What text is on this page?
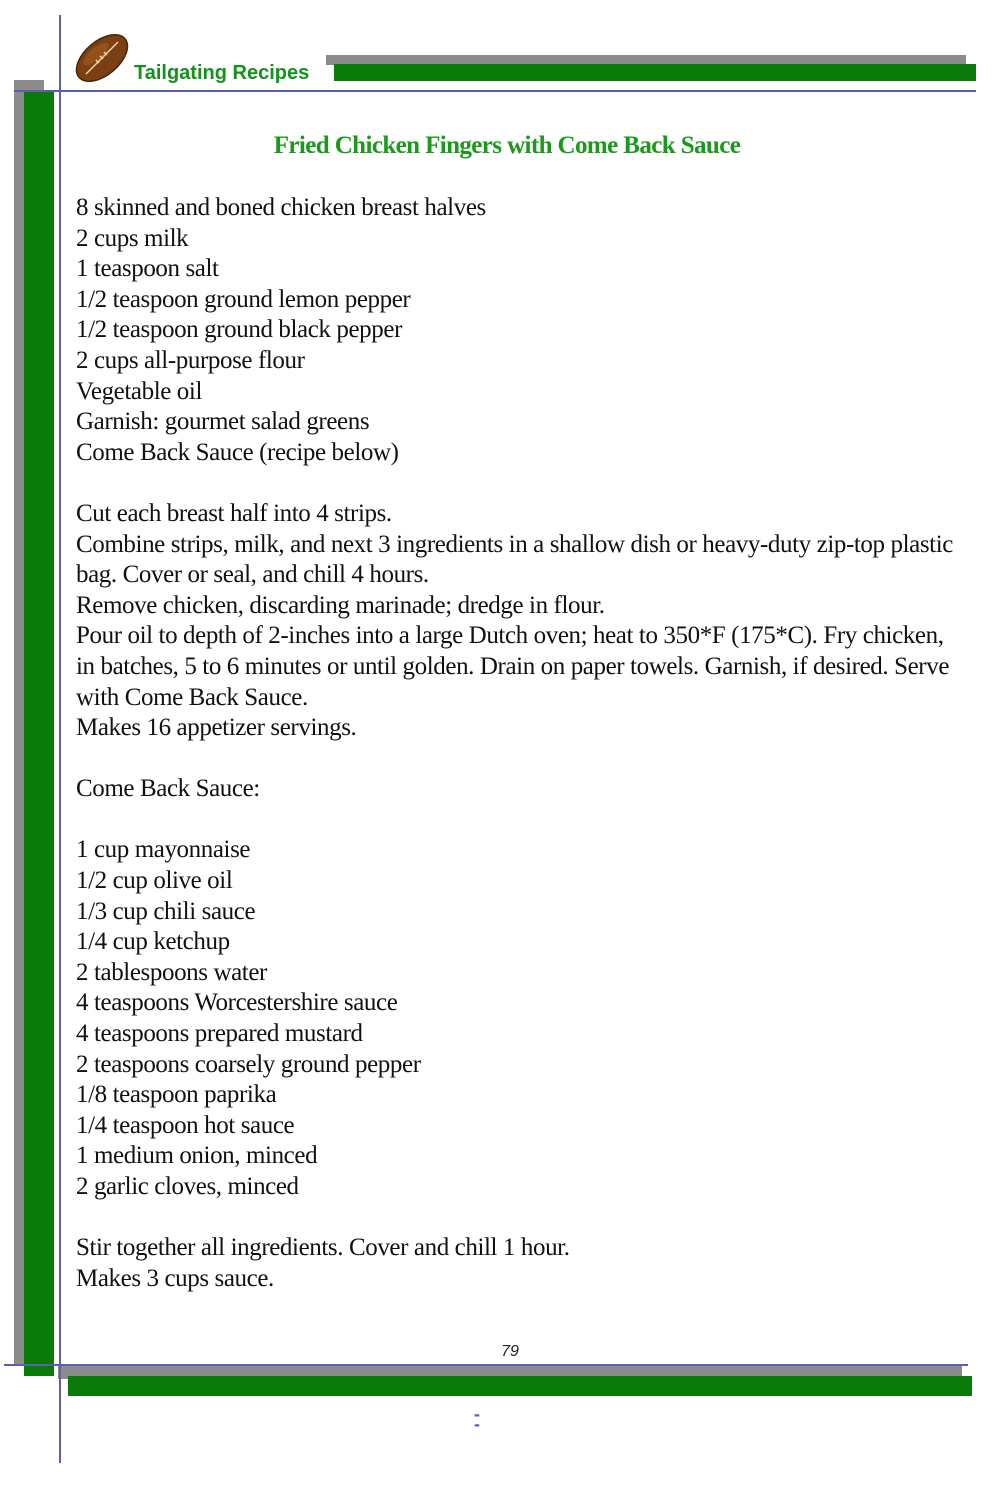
Tailgating Recipes
Fried Chicken Fingers with Come Back Sauce
8 skinned and boned chicken breast halves
2 cups milk
1 teaspoon salt
1/2 teaspoon ground lemon pepper
1/2 teaspoon ground black pepper
2 cups all-purpose flour
Vegetable oil
Garnish: gourmet salad greens
Come Back Sauce (recipe below)
Cut each breast half into 4 strips.
Combine strips, milk, and next 3 ingredients in a shallow dish or heavy-duty zip-top plastic bag. Cover or seal, and chill 4 hours.
Remove chicken, discarding marinade; dredge in flour.
Pour oil to depth of 2-inches into a large Dutch oven; heat to 350*F (175*C). Fry chicken, in batches, 5 to 6 minutes or until golden. Drain on paper towels. Garnish, if desired. Serve with Come Back Sauce.
Makes 16 appetizer servings.
Come Back Sauce:
1 cup mayonnaise
1/2 cup olive oil
1/3 cup chili sauce
1/4 cup ketchup
2 tablespoons water
4 teaspoons Worcestershire sauce
4 teaspoons prepared mustard
2 teaspoons coarsely ground pepper
1/8 teaspoon paprika
1/4 teaspoon hot sauce
1 medium onion, minced
2 garlic cloves, minced
Stir together all ingredients. Cover and chill 1 hour.
Makes 3 cups sauce.
79
- -
